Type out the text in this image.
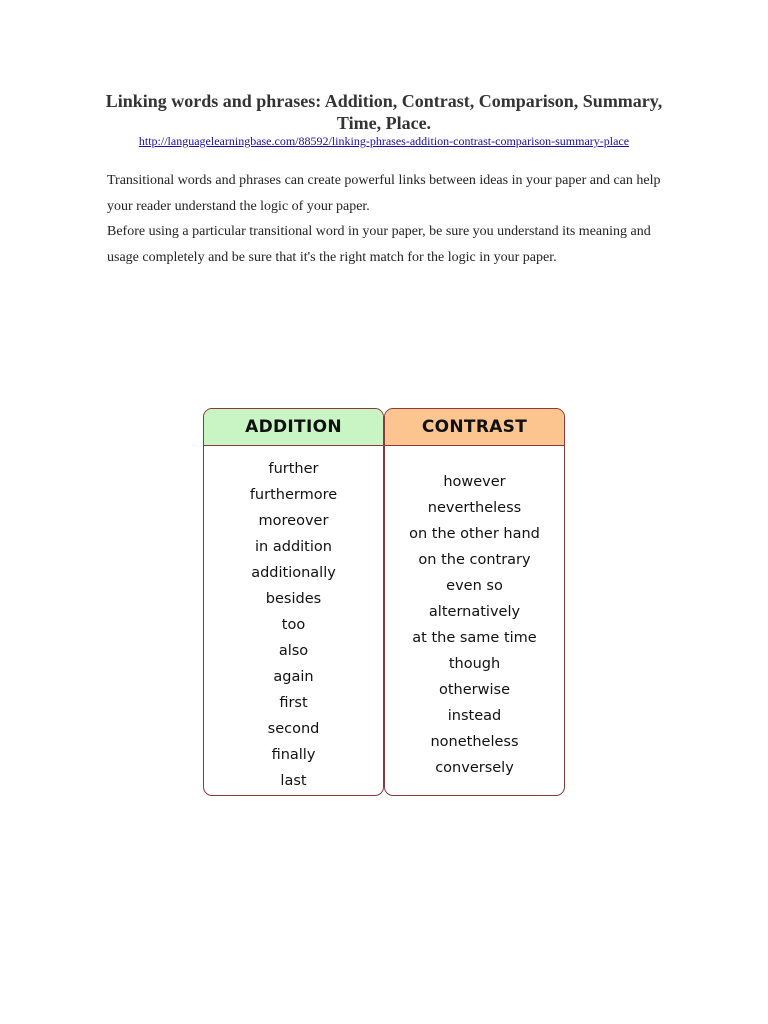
Linking words and phrases: Addition, Contrast, Comparison, Summary,
Time, Place.
http://languagelearningbase.com/88592/linking-phrases-addition-contrast-comparison-summary-place

Transitional words and phrases can create powerful links between ideas in your paper and can help your reader understand the logic of your paper.

Before using a particular transitional word in your paper, be sure you understand its meaning and usage completely and be sure that it's the right match for the logic in your paper.

ADDITION
further
furthermore
moreover
in addition
additionally
besides
too
also
again
first
second
finally
last
CONTRAST
however
nevertheless
on the other hand
on the contrary
even so
alternatively
at the same time
though
otherwise
instead
nonetheless
conversely
